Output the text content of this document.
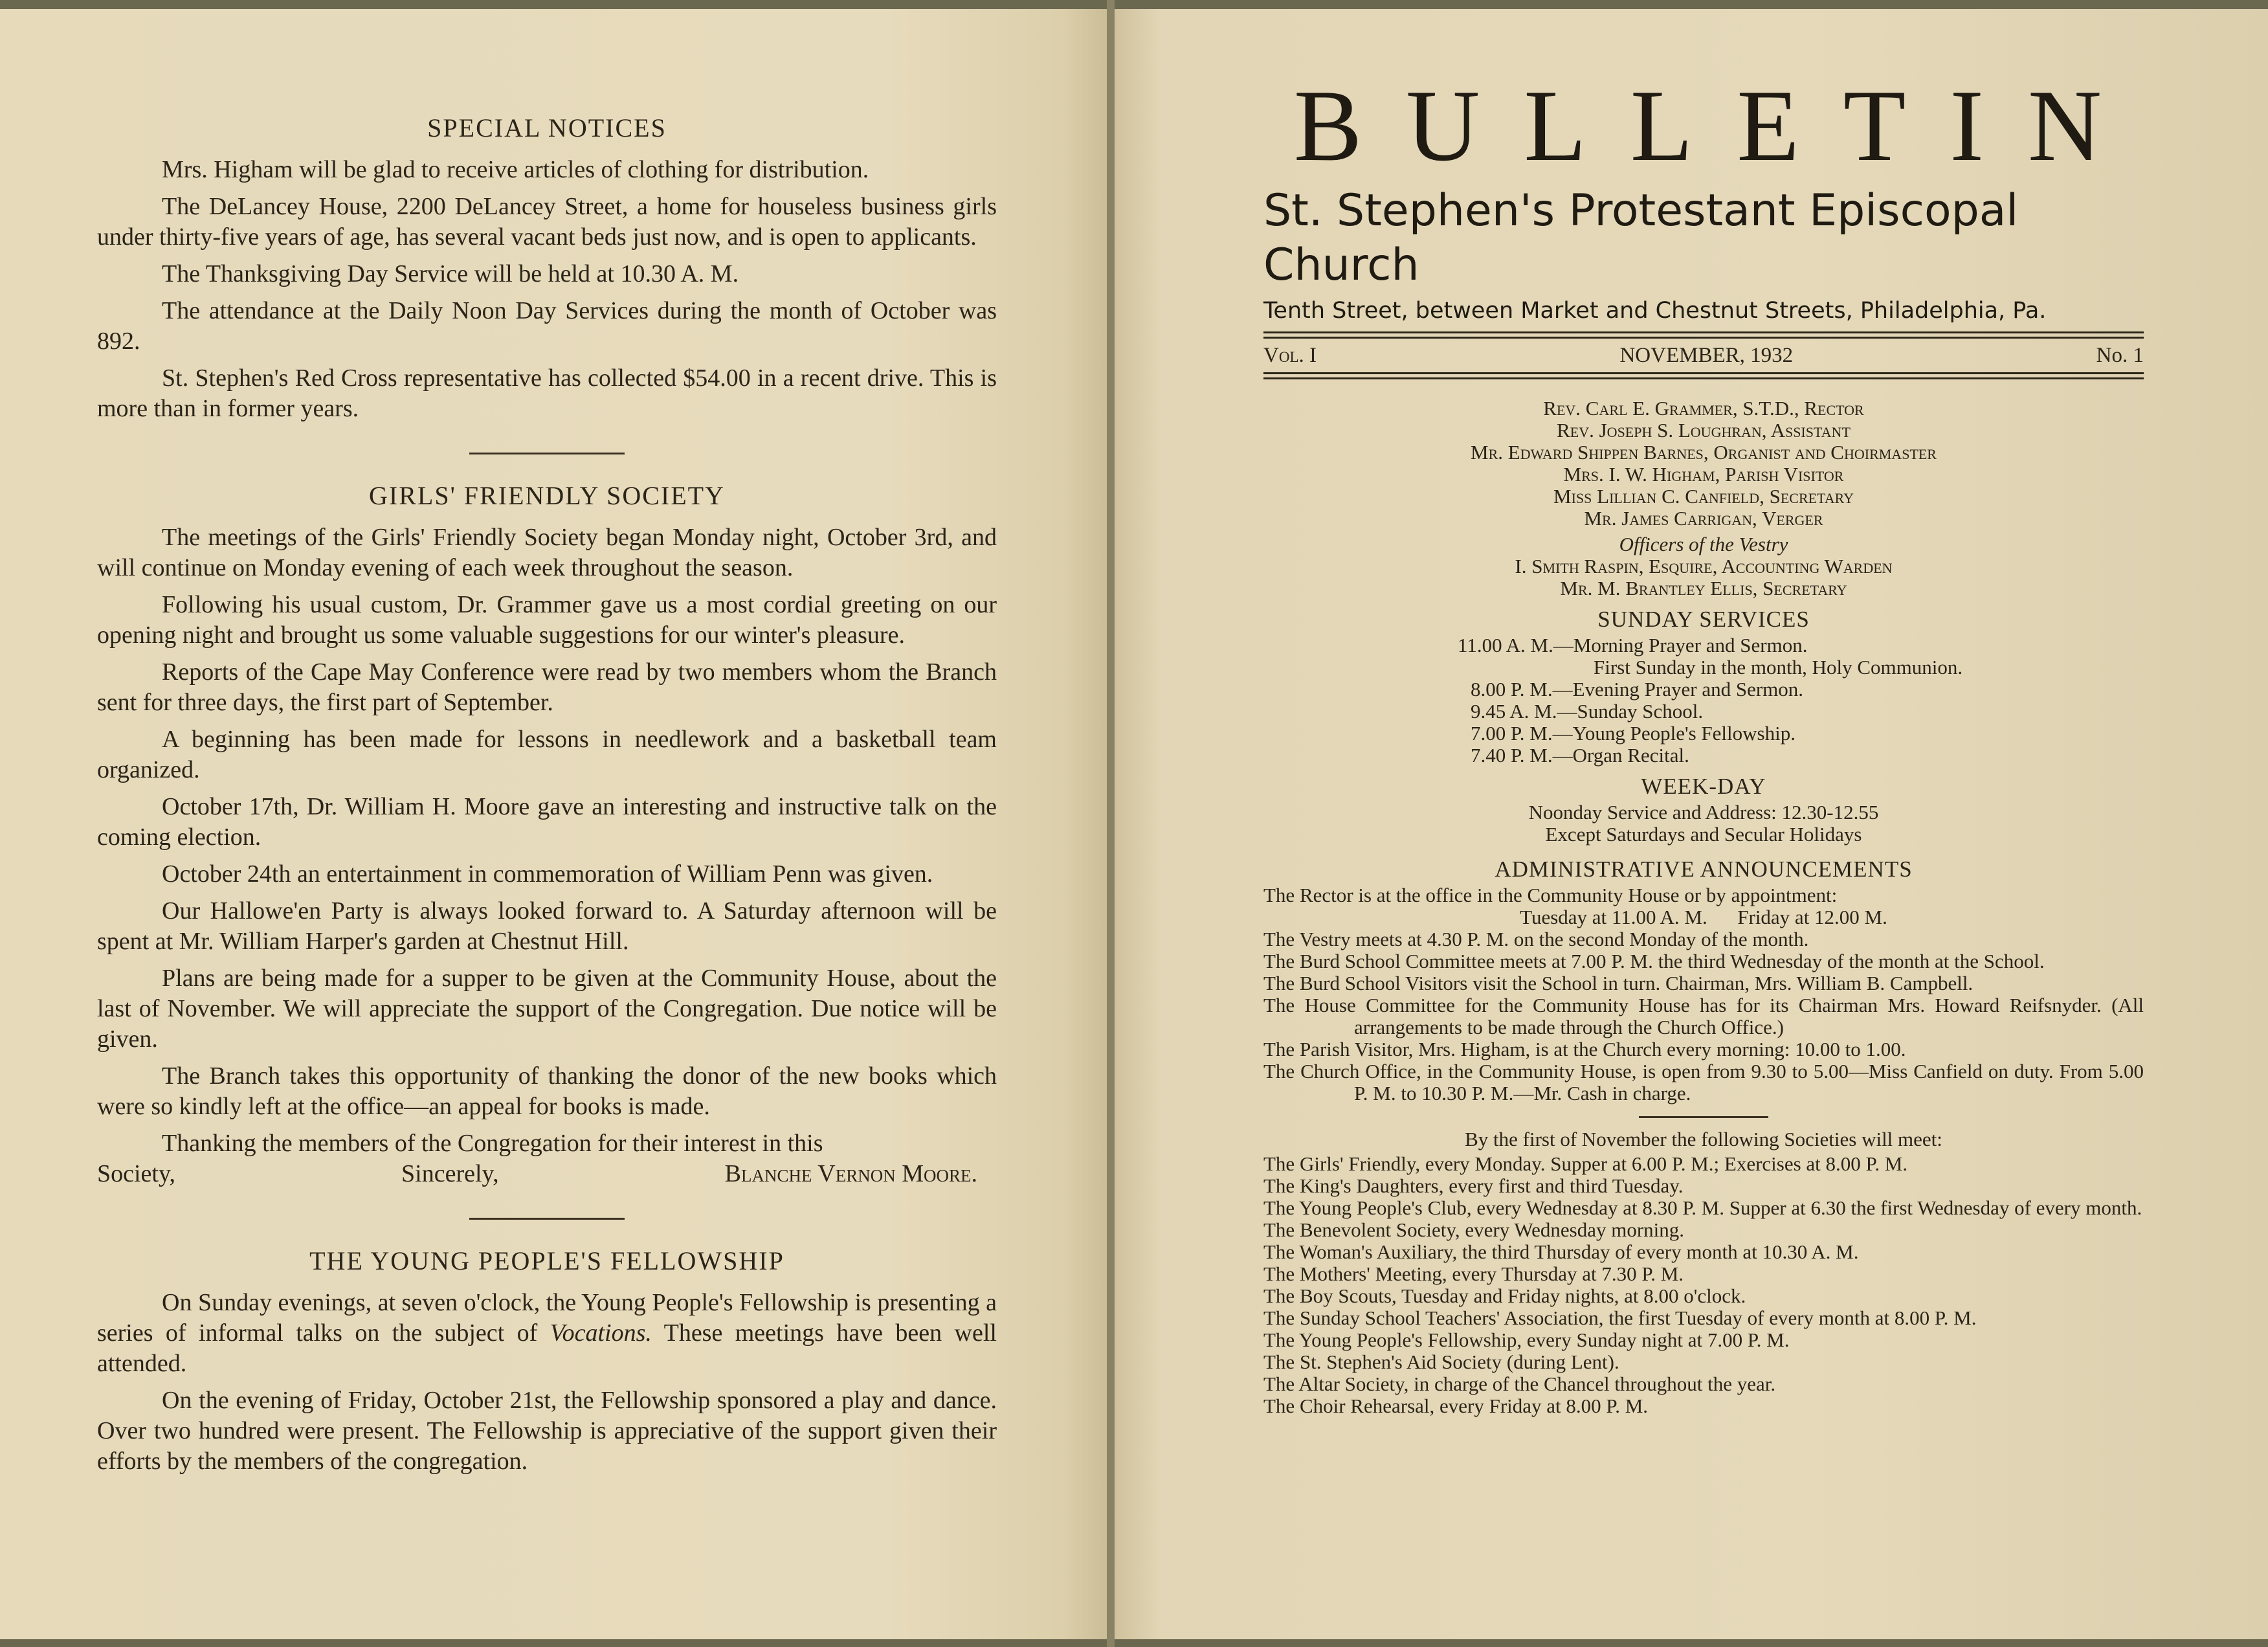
SPECIAL NOTICES

Mrs. Higham will be glad to receive articles of clothing for distribution.

The DeLancey House, 2200 DeLancey Street, a home for houseless business girls under thirty-five years of age, has several vacant beds just now, and is open to applicants.

The Thanksgiving Day Service will be held at 10.30 A. M.

The attendance at the Daily Noon Day Services during the month of October was 892.

St. Stephen's Red Cross representative has collected $54.00 in a recent drive. This is more than in former years.

GIRLS' FRIENDLY SOCIETY

The meetings of the Girls' Friendly Society began Monday night, October 3rd, and will continue on Monday evening of each week throughout the season.

Following his usual custom, Dr. Grammer gave us a most cordial greeting on our opening night and brought us some valuable suggestions for our winter's pleasure.

Reports of the Cape May Conference were read by two members whom the Branch sent for three days, the first part of September.

A beginning has been made for lessons in needlework and a basketball team organized.

October 17th, Dr. William H. Moore gave an interesting and instructive talk on the coming election.

October 24th an entertainment in commemoration of William Penn was given.

Our Hallowe'en Party is always looked forward to. A Saturday afternoon will be spent at Mr. William Harper's garden at Chestnut Hill.

Plans are being made for a supper to be given at the Community House, about the last of November. We will appreciate the support of the Congregation. Due notice will be given.

The Branch takes this opportunity of thanking the donor of the new books which were so kindly left at the office—an appeal for books is made.

Thanking the members of the Congregation for their interest in this

Society,	Sincerely,	Blanche Vernon Moore.
THE YOUNG PEOPLE'S FELLOWSHIP

On Sunday evenings, at seven o'clock, the Young People's Fellowship is presenting a series of informal talks on the subject of Vocations. These meetings have been well attended.

On the evening of Friday, October 21st, the Fellowship sponsored a play and dance. Over two hundred were present. The Fellowship is appreciative of the support given their efforts by the members of the congregation.

BULLETIN
St. Stephen's Protestant Episcopal Church
Tenth Street, between Market and Chestnut Streets, Philadelphia, Pa.
Vol. I	NOVEMBER, 1932	No. 1
Rev. Carl E. Grammer, S.T.D., Rector
Rev. Joseph S. Loughran, Assistant
Mr. Edward Shippen Barnes, Organist and Choirmaster
Mrs. I. W. Higham, Parish Visitor
Miss Lillian C. Canfield, Secretary
Mr. James Carrigan, Verger
Officers of the Vestry
I. Smith Raspin, Esquire, Accounting Warden
Mr. M. Brantley Ellis, Secretary
SUNDAY SERVICES
11.00 A. M.—Morning Prayer and Sermon.
First Sunday in the month, Holy Communion.
8.00 P. M.—Evening Prayer and Sermon.
9.45 A. M.—Sunday School.
7.00 P. M.—Young People's Fellowship.
7.40 P. M.—Organ Recital.
WEEK-DAY
Noonday Service and Address: 12.30-12.55
Except Saturdays and Secular Holidays
ADMINISTRATIVE ANNOUNCEMENTS
The Rector is at the office in the Community House or by appointment:
Tuesday at 11.00 A. M.      Friday at 12.00 M.
The Vestry meets at 4.30 P. M. on the second Monday of the month.
The Burd School Committee meets at 7.00 P. M. the third Wednesday of the month at the School.
The Burd School Visitors visit the School in turn. Chairman, Mrs. William B. Campbell.
The House Committee for the Community House has for its Chairman Mrs. Howard Reifsnyder. (All arrangements to be made through the Church Office.)
The Parish Visitor, Mrs. Higham, is at the Church every morning: 10.00 to 1.00.
The Church Office, in the Community House, is open from 9.30 to 5.00—Miss Canfield on duty. From 5.00 P. M. to 10.30 P. M.—Mr. Cash in charge.
By the first of November the following Societies will meet:
The Girls' Friendly, every Monday. Supper at 6.00 P. M.; Exercises at 8.00 P. M.
The King's Daughters, every first and third Tuesday.
The Young People's Club, every Wednesday at 8.30 P. M. Supper at 6.30 the first Wednesday of every month.
The Benevolent Society, every Wednesday morning.
The Woman's Auxiliary, the third Thursday of every month at 10.30 A. M.
The Mothers' Meeting, every Thursday at 7.30 P. M.
The Boy Scouts, Tuesday and Friday nights, at 8.00 o'clock.
The Sunday School Teachers' Association, the first Tuesday of every month at 8.00 P. M.
The Young People's Fellowship, every Sunday night at 7.00 P. M.
The St. Stephen's Aid Society (during Lent).
The Altar Society, in charge of the Chancel throughout the year.
The Choir Rehearsal, every Friday at 8.00 P. M.
